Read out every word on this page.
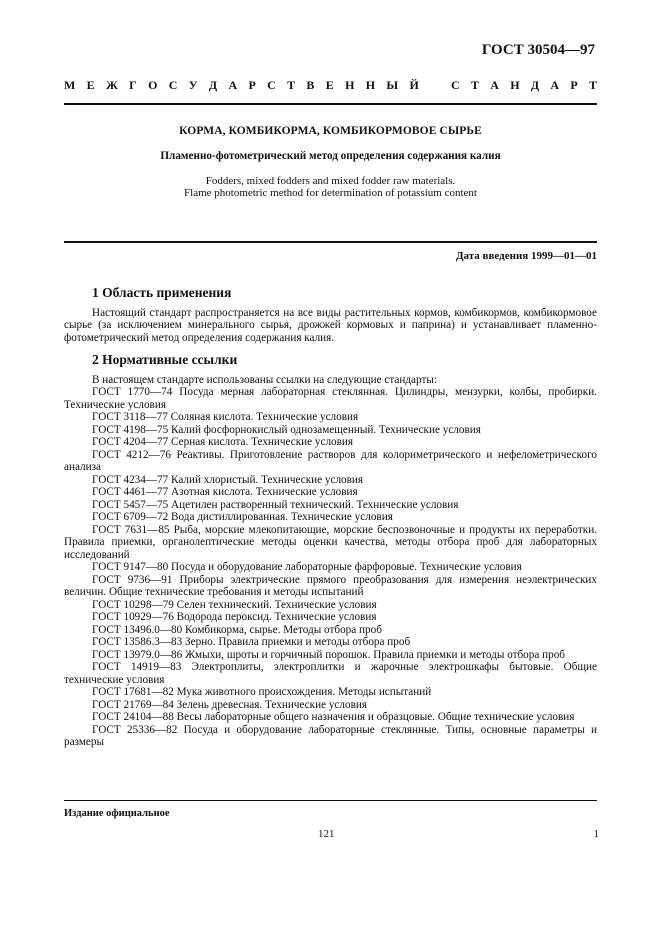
ГОСТ 30504—97
М Е Ж Г О С У Д А Р С Т В Е Н Н Ы Й	С Т А Н Д А Р Т
КОРМА, КОМБИКОРМА, КОМБИКОРМОВОЕ СЫРЬЕ
Пламенно-фотометрический метод определения содержания калия
Fodders, mixed fodders and mixed fodder raw materials.
Flame photometric method for determination of potassium content
Дата введения 1999—01—01
1 Область применения

Настоящий стандарт распространяется на все виды растительных кормов, комбикормов, комбикормовое сырье (за исключением минерального сырья, дрожжей кормовых и паприна) и устанавливает пламенно-фотометрический метод определения содержания калия.

2 Нормативные ссылки

В настоящем стандарте использованы ссылки на следующие стандарты:

ГОСТ 1770—74 Посуда мерная лабораторная стеклянная. Цилиндры, мензурки, колбы, пробирки. Технические условия

ГОСТ 3118—77 Соляная кислота. Технические условия

ГОСТ 4198—75 Калий фосфорнокислый однозамещенный. Технические условия

ГОСТ 4204—77 Серная кислота. Технические условия

ГОСТ 4212—76 Реактивы. Приготовление растворов для колориметрического и нефелометрического анализа

ГОСТ 4234—77 Калий хлористый. Технические условия

ГОСТ 4461—77 Азотная кислота. Технические условия

ГОСТ 5457—75 Ацетилен растворенный технический. Технические условия

ГОСТ 6709—72 Вода дистиллированная. Технические условия

ГОСТ 7631—85 Рыба, морские млекопитающие, морские беспозвоночные и продукты их переработки. Правила приемки, органолептические методы оценки качества, методы отбора проб для лабораторных исследований

ГОСТ 9147—80 Посуда и оборудование лабораторные фарфоровые. Технические условия

ГОСТ 9736—91 Приборы электрические прямого преобразования для измерения неэлектрических величин. Общие технические требования и методы испытаний

ГОСТ 10298—79 Селен технический. Технические условия

ГОСТ 10929—76 Водорода пероксид. Технические условия

ГОСТ 13496.0—80 Комбикорма, сырье. Методы отбора проб

ГОСТ 13586.3—83 Зерно. Правила приемки и методы отбора проб

ГОСТ 13979.0—86 Жмыхи, шроты и горчичный порошок. Правила приемки и методы отбора проб

ГОСТ 14919—83 Электроплиты, электроплитки и жарочные электрошкафы бытовые. Общие технические условия

ГОСТ 17681—82 Мука животного происхождения. Методы испытаний

ГОСТ 21769—84 Зелень древесная. Технические условия

ГОСТ 24104—88 Весы лабораторные общего назначения и образцовые. Общие технические условия

ГОСТ 25336—82 Посуда и оборудование лабораторные стеклянные. Типы, основные параметры и размеры

Издание официальное
121	1
